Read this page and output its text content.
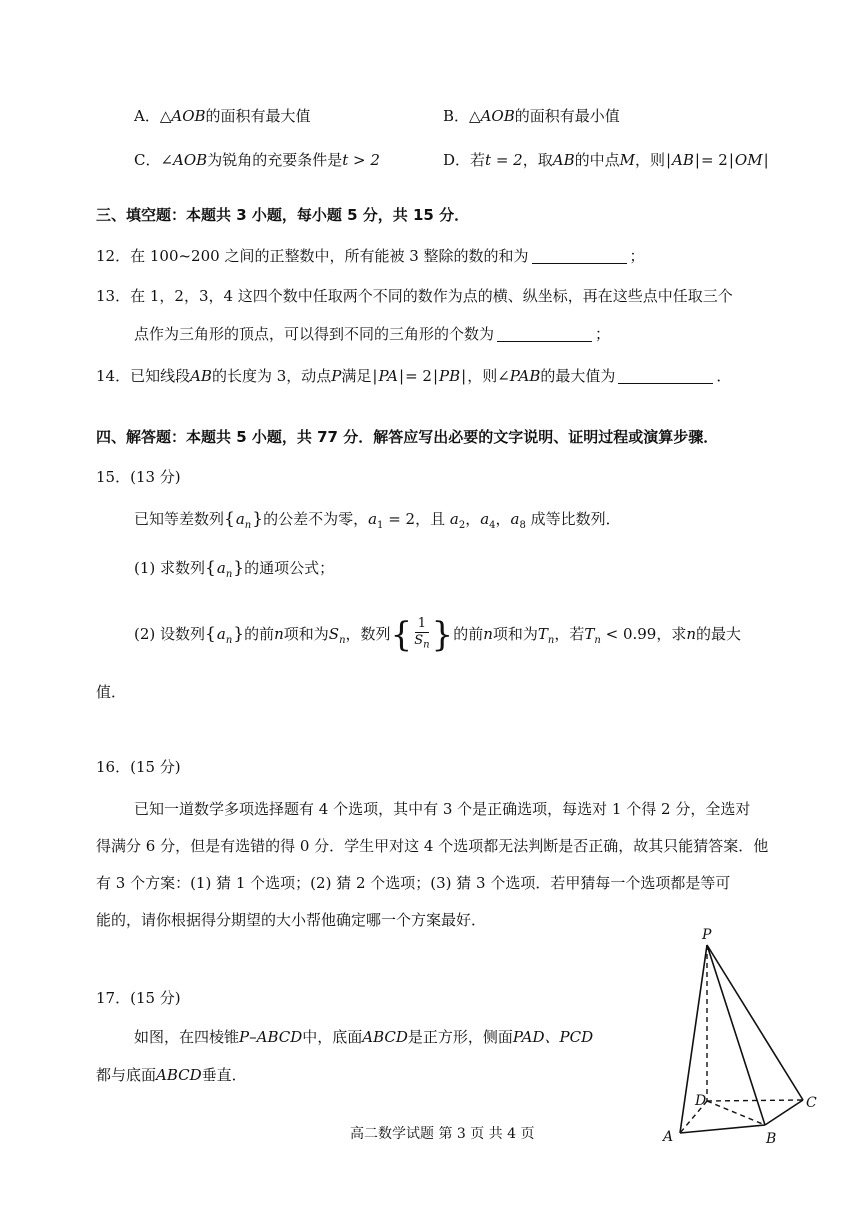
A．△AOB的面积有最大值	B．△AOB的面积有最小值
C．∠AOB为锐角的充要条件是t > 2	D．若t = 2，取AB的中点M，则 | AB | = 2 | OM |
三、填空题：本题共 3 小题，每小题 5 分，共 15 分．
12．在 100~200 之间的正整数中，所有能被 3 整除的数的和为	；
13．在 1，2，3，4 这四个数中任取两个不同的数作为点的横、纵坐标，再在这些点中任取三个
点作为三角形的顶点，可以得到不同的三角形的个数为	；
14．已知线段AB的长度为 3，动点P满足 | PA | = 2 | PB | ，则∠PAB的最大值为	．
四、解答题：本题共 5 小题，共 77 分．解答应写出必要的文字说明、证明过程或演算步骤．
15．(13 分)
已知等差数列 { $a_n$ } 的公差不为零，$a_1 = 2$，且 $a_2$，$a_4$，$a_8$ 成等比数列．
(1) 求数列 { $a_n$ } 的通项公式；
(2) 设数列 { $a_n$ } 的前n项和为$S_n$，数列{ $\frac{1}{S_n}$ }的前n项和为$T_n$，若$T_n < 0.99$，求n的最大
值．
16．(15 分)
已知一道数学多项选择题有 4 个选项，其中有 3 个是正确选项，每选对 1 个得 2 分，全选对
得满分 6 分，但是有选错的得 0 分．学生甲对这 4 个选项都无法判断是否正确，故其只能猜答案．他
有 3 个方案：(1) 猜 1 个选项；(2) 猜 2 个选项；(3) 猜 3 个选项．若甲猜每一个选项都是等可
能的，请你根据得分期望的大小帮他确定哪一个方案最好．
17．(15 分)
如图，在四棱锥P–ABCD中，底面ABCD是正方形，侧面PAD、PCD
都与底面ABCD垂直．
P
A	B
C
D
高二数学试题 第 3 页 共 4 页
